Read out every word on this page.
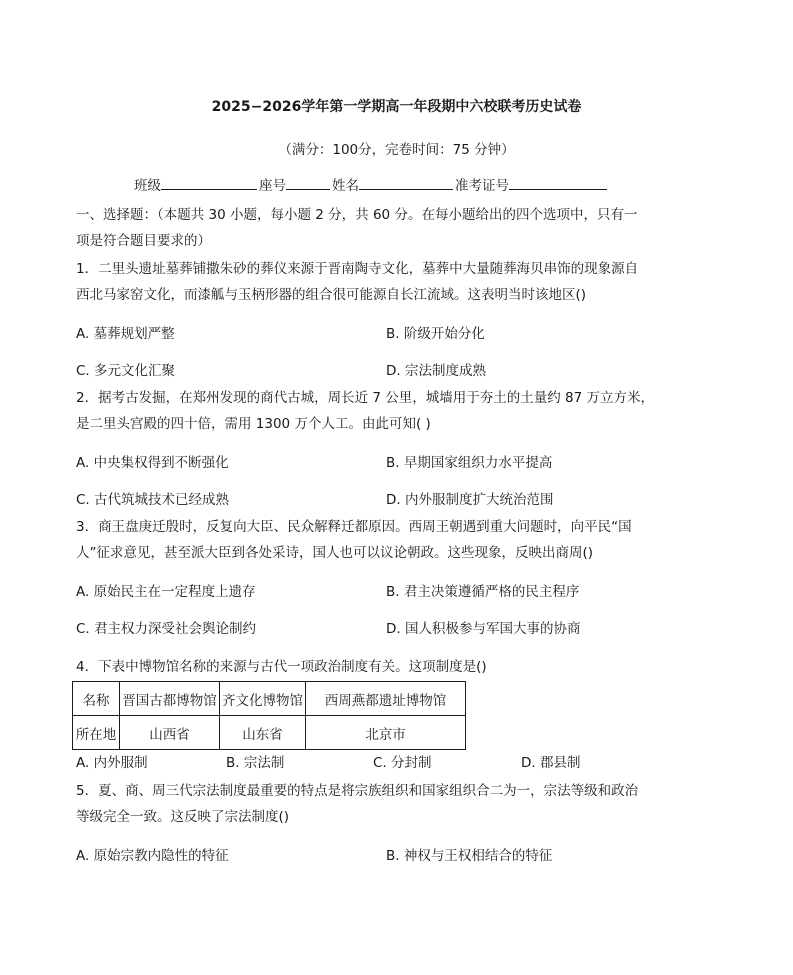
2025−2026学年第一学期高一年段期中六校联考历史试卷
（满分：100分，完卷时间：75 分钟）
班级	座号	姓名	准考证号
一、选择题：（本题共 30 小题，每小题 2 分，共 60 分。在每小题给出的四个选项中，只有一
项是符合题目要求的）
1．二里头遗址墓葬铺撒朱砂的葬仪来源于晋南陶寺文化，墓葬中大量随葬海贝串饰的现象源自
西北马家窑文化，而漆觚与玉柄形器的组合很可能源自长江流域。这表明当时该地区()
A. 墓葬规划严整	B. 阶级开始分化
C. 多元文化汇聚	D. 宗法制度成熟
2．据考古发掘，在郑州发现的商代古城，周长近 7 公里，城墙用于夯土的土量约 87 万立方米，
是二里头宫殿的四十倍，需用 1300 万个人工。由此可知( )
A. 中央集权得到不断强化	B. 早期国家组织力水平提高
C. 古代筑城技术已经成熟	D. 内外服制度扩大统治范围
3．商王盘庚迁殷时，反复向大臣、民众解释迁都原因。西周王朝遇到重大问题时，向平民“国
人”征求意见，甚至派大臣到各处采诗，国人也可以议论朝政。这些现象，反映出商周()
A. 原始民主在一定程度上遗存	B. 君主决策遵循严格的民主程序
C. 君主权力深受社会舆论制约	D. 国人积极参与军国大事的协商
4．下表中博物馆名称的来源与古代一项政治制度有关。这项制度是()
名称	晋国古都博物馆	齐文化博物馆	西周燕都遗址博物馆
所在地	山西省	山东省	北京市
A. 内外服制	B. 宗法制	C. 分封制	D. 郡县制
5．夏、商、周三代宗法制度最重要的特点是将宗族组织和国家组织合二为一，宗法等级和政治
等级完全一致。这反映了宗法制度()
A. 原始宗教内隐性的特征	B. 神权与王权相结合的特征
